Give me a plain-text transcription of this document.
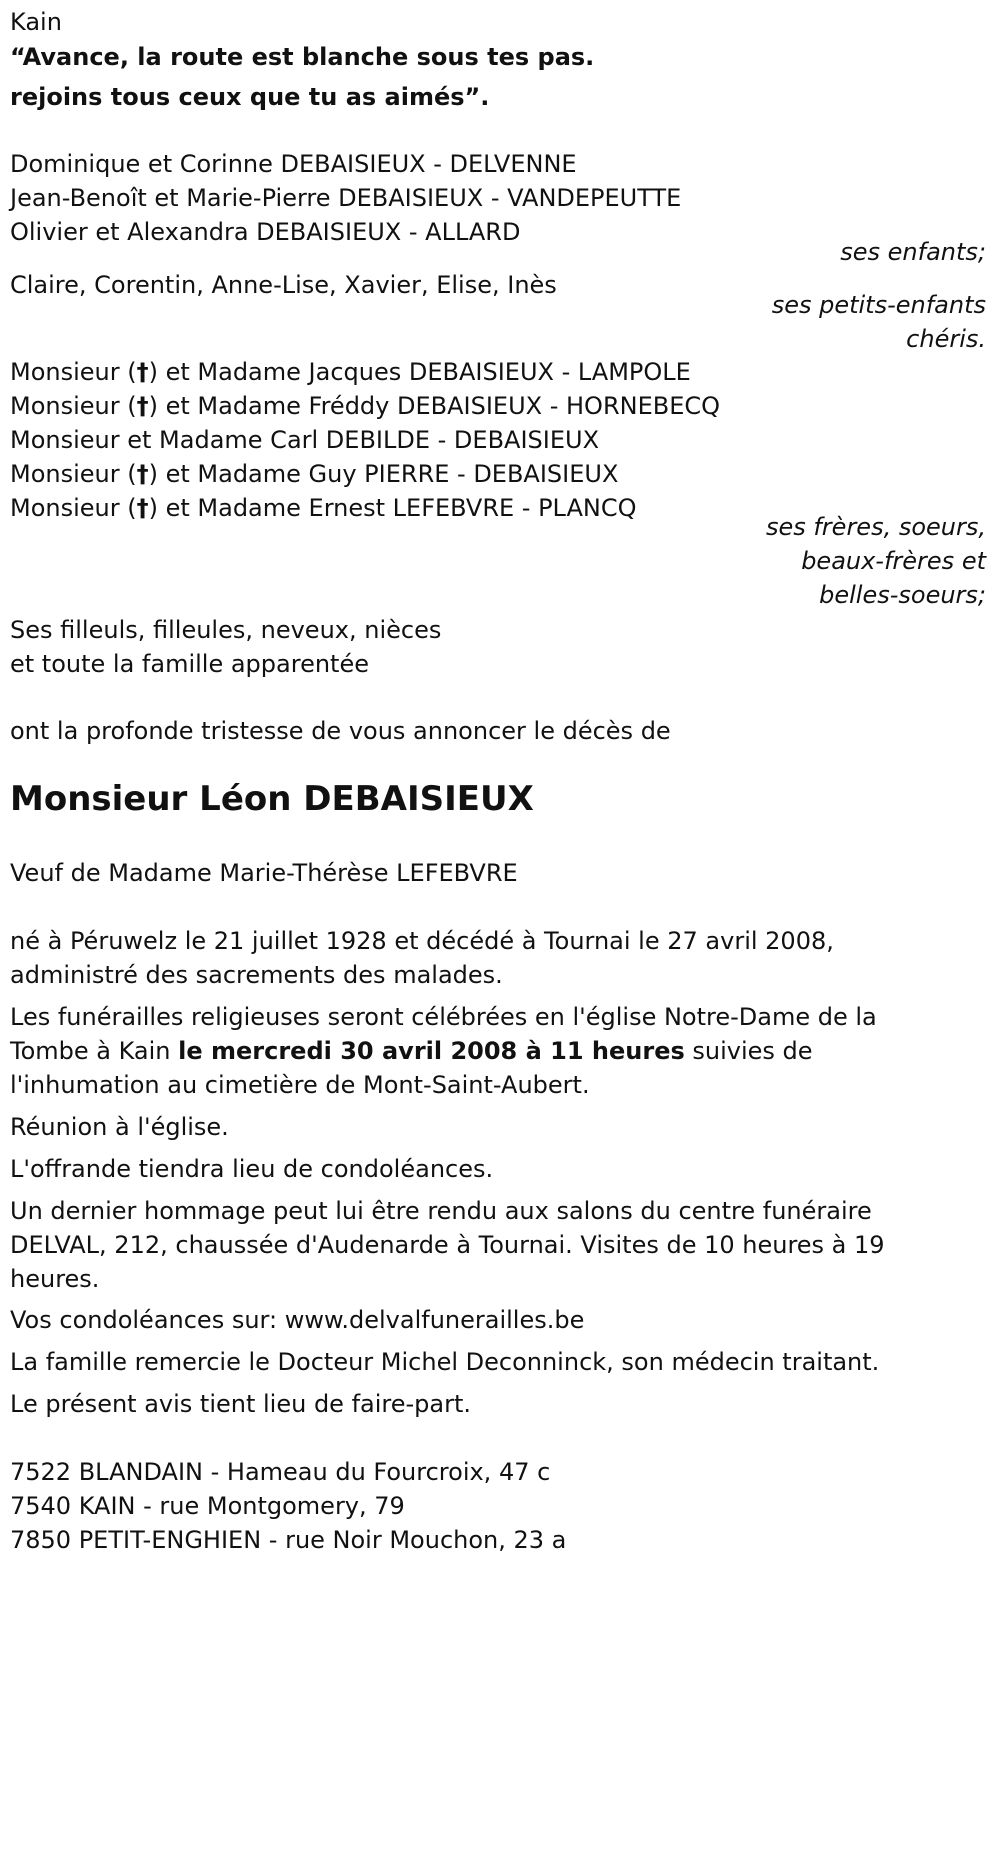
Kain
“Avance, la route est blanche sous tes pas.
rejoins tous ceux que tu as aimés”.
Dominique et Corinne DEBAISIEUX - DELVENNE
Jean-Benoît et Marie-Pierre DEBAISIEUX - VANDEPEUTTE
Olivier et Alexandra DEBAISIEUX - ALLARD
ses enfants;
Claire, Corentin, Anne-Lise, Xavier, Elise, Inès
ses petits-enfants
chéris.
Monsieur (†) et Madame Jacques DEBAISIEUX - LAMPOLE
Monsieur (†) et Madame Fréddy DEBAISIEUX - HORNEBECQ
Monsieur et Madame Carl DEBILDE - DEBAISIEUX
Monsieur (†) et Madame Guy PIERRE - DEBAISIEUX
Monsieur (†) et Madame Ernest LEFEBVRE - PLANCQ
ses frères, soeurs,
beaux-frères et
belles-soeurs;
Ses filleuls, filleules, neveux, nièces
et toute la famille apparentée
ont la profonde tristesse de vous annoncer le décès de
Monsieur Léon DEBAISIEUX
Veuf de Madame Marie-Thérèse LEFEBVRE
né à Péruwelz le 21 juillet 1928 et décédé à Tournai le 27 avril 2008,
administré des sacrements des malades.
Les funérailles religieuses seront célébrées en l'église Notre-Dame de la
Tombe à Kain le mercredi 30 avril 2008 à 11 heures suivies de
l'inhumation au cimetière de Mont-Saint-Aubert.
Réunion à l'église.
L'offrande tiendra lieu de condoléances.
Un dernier hommage peut lui être rendu aux salons du centre funéraire
DELVAL, 212, chaussée d'Audenarde à Tournai. Visites de 10 heures à 19
heures.
Vos condoléances sur: www.delvalfunerailles.be
La famille remercie le Docteur Michel Deconninck, son médecin traitant.
Le présent avis tient lieu de faire-part.
7522 BLANDAIN - Hameau du Fourcroix, 47 c
7540 KAIN - rue Montgomery, 79
7850 PETIT-ENGHIEN - rue Noir Mouchon, 23 a
